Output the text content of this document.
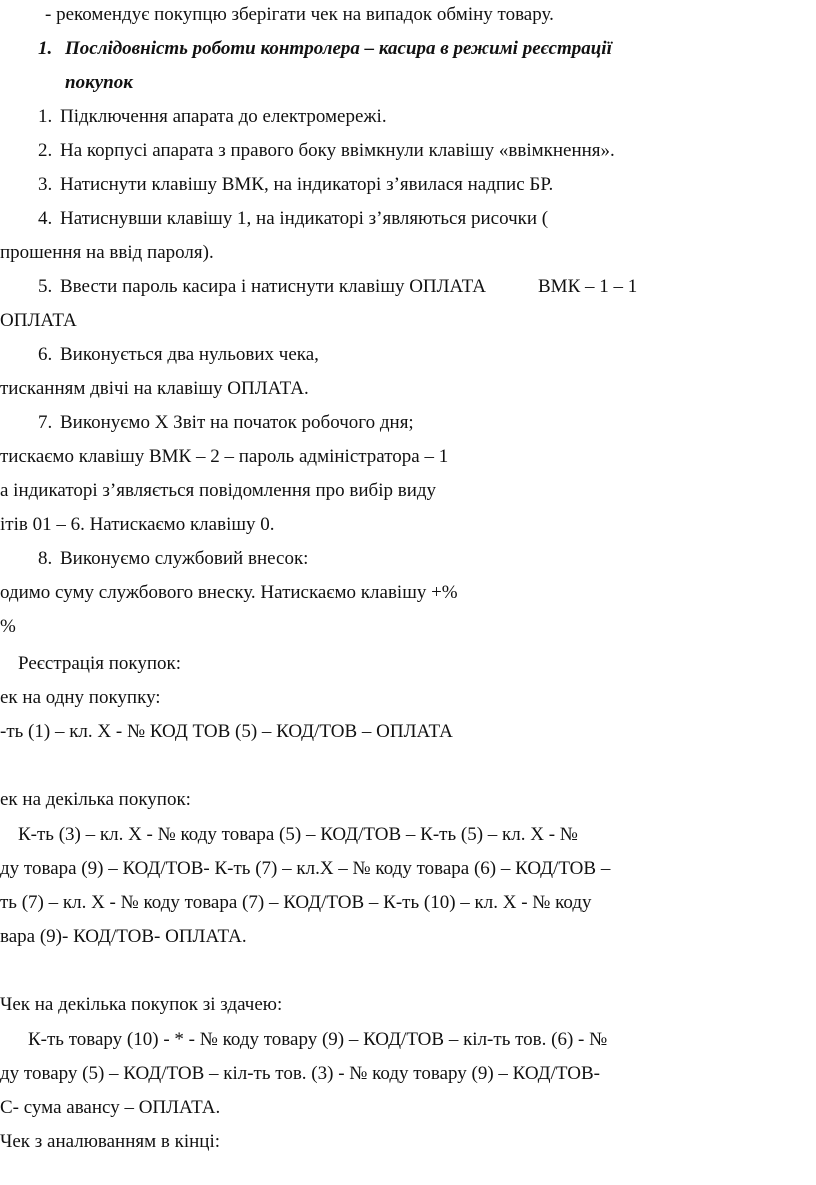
- рекомендує покупцю зберігати чек на випадок обміну товару.
1. Послідовність роботи контролера – касира в режимі реєстрації
покупок
1. Підключення апарата до електромережі.
2. На корпусі апарата з правого боку ввімкнули клавішу «ввімкнення».
3. Натиснути клавішу ВМК, на індикаторі з’явилася надпис БР.
4. Натиснувши клавішу 1, на індикаторі з’являються рисочки (
прошення на ввід пароля).
5. Ввести пароль касира і натиснути клавішу ОПЛАТА	ВМК – 1 – 1
ОПЛАТА
6. Виконується два нульових чека,
тисканням двічі на клавішу ОПЛАТА.
7. Виконуємо Х Звіт на початок робочого дня;
тискаємо клавішу ВМК – 2 – пароль адміністратора – 1
а індикаторі з’являється повідомлення про вибір виду
ітів 01 – 6. Натискаємо клавішу 0.
8. Виконуємо службовий внесок:
одимо суму службового внеску. Натискаємо клавішу +%
%
Реєстрація покупок:
ек на одну покупку:
-ть (1) – кл. Х - № КОД ТОВ (5) – КОД/ТОВ – ОПЛАТА
ек на декілька покупок:
К-ть (3) – кл. Х - № коду товара (5) – КОД/ТОВ – К-ть (5) – кл. Х - №
ду товара (9) – КОД/ТОВ- К-ть (7) – кл.Х – № коду товара (6) – КОД/ТОВ –
ть (7) – кл. Х - № коду товара (7) – КОД/ТОВ – К-ть (10) – кл. Х - № коду
вара (9)- КОД/ТОВ- ОПЛАТА.
Чек на декілька покупок зі здачею:
К-ть товару (10) - * - № коду товару (9) – КОД/ТОВ – кіл-ть тов. (6) - №
ду товару (5) – КОД/ТОВ – кіл-ть тов. (3) - № коду товару (9) – КОД/ТОВ-
С- сума авансу – ОПЛАТА.
Чек з аналюванням в кінці:
